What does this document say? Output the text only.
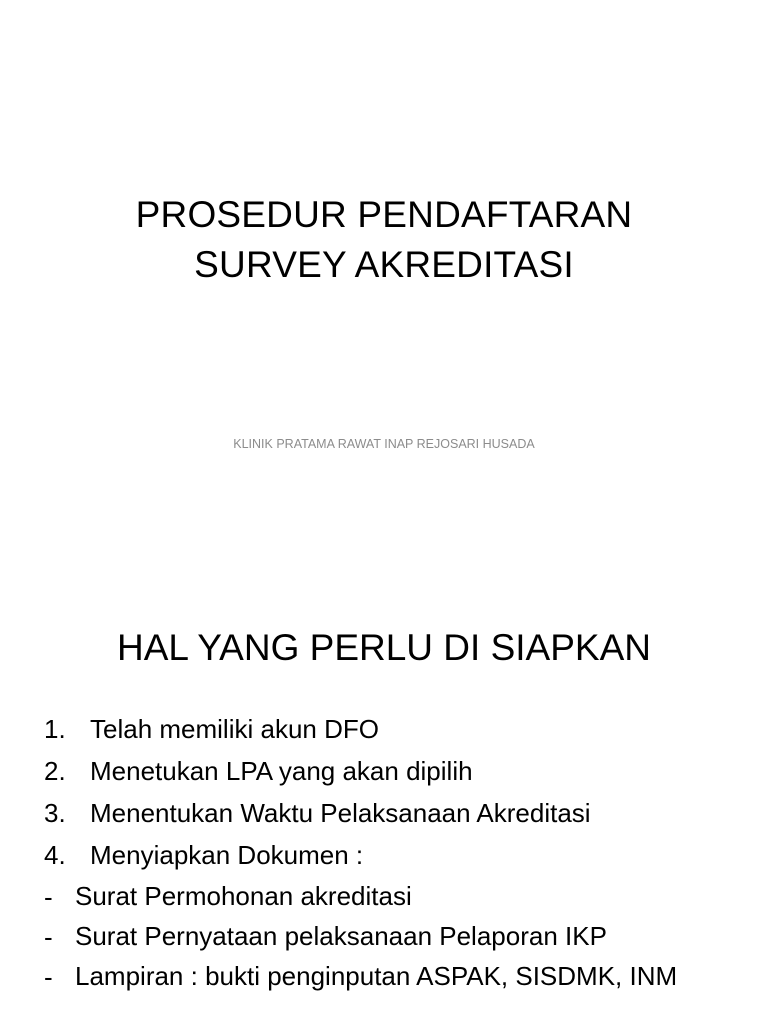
PROSEDUR PENDAFTARAN
SURVEY AKREDITASI
KLINIK PRATAMA RAWAT INAP REJOSARI HUSADA
HAL YANG PERLU DI SIAPKAN
1. Telah memiliki akun DFO
2. Menetukan LPA yang akan dipilih
3. Menentukan Waktu Pelaksanaan Akreditasi
4. Menyiapkan Dokumen :
- Surat Permohonan akreditasi
- Surat Pernyataan pelaksanaan Pelaporan IKP
- Lampiran : bukti penginputan ASPAK, SISDMK, INM
